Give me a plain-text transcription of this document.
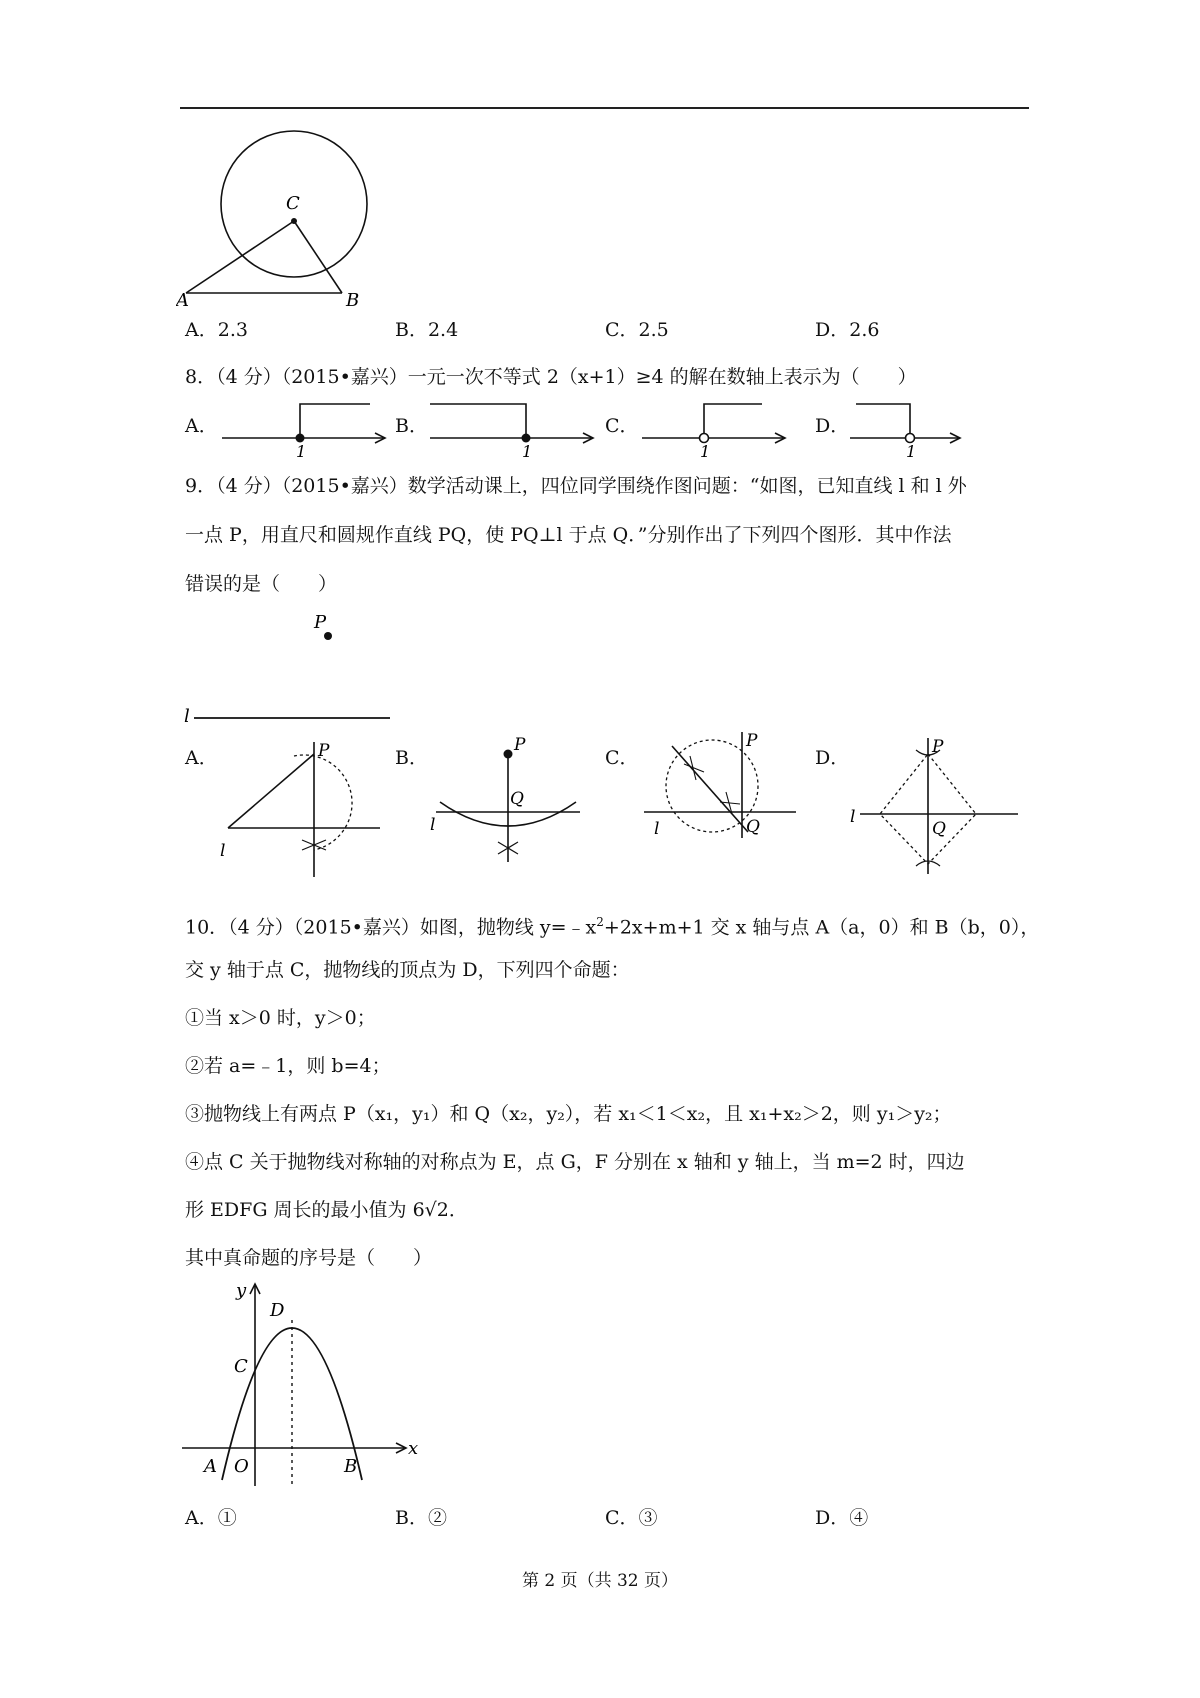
C
A	B
A．2.3	B．2.4	C．2.5	D．2.6
8．（4 分）（2015•嘉兴）一元一次不等式 2（x+1）≥4 的解在数轴上表示为（　　）
A．
1
B．
1
C．
1
D．
1
9．（4 分）（2015•嘉兴）数学活动课上，四位同学围绕作图问题：“如图，已知直线 l 和 l 外
一点 P，用直尺和圆规作直线 PQ，使 PQ⊥l 于点 Q．”分别作出了下列四个图形．其中作法
错误的是（　　）
P
l
A．	P
l
B．
P
Q
l
C．
P
Q
l
D．	P
Q
l
10．（4 分）（2015•嘉兴）如图，抛物线 $y=﹣x^2+2x+m+1$ 交 x 轴与点 A（a，0）和 B（b，0），
交 y 轴于点 C，抛物线的顶点为 D，下列四个命题：
①当 x＞0 时，y＞0；
②若 a=﹣1，则 b=4；
③抛物线上有两点 P（x₁，y₁）和 Q（x₂，y₂），若 x₁＜1＜x₂，且 x₁+x₂＞2，则 y₁＞y₂；
④点 C 关于抛物线对称轴的对称点为 E，点 G，F 分别在 x 轴和 y 轴上，当 m=2 时，四边
形 EDFG 周长的最小值为 6√2．
其中真命题的序号是（　　）
y
x
D
C
A O	B
A．①	B．②	C．③	D．④
第 2 页（共 32 页）
